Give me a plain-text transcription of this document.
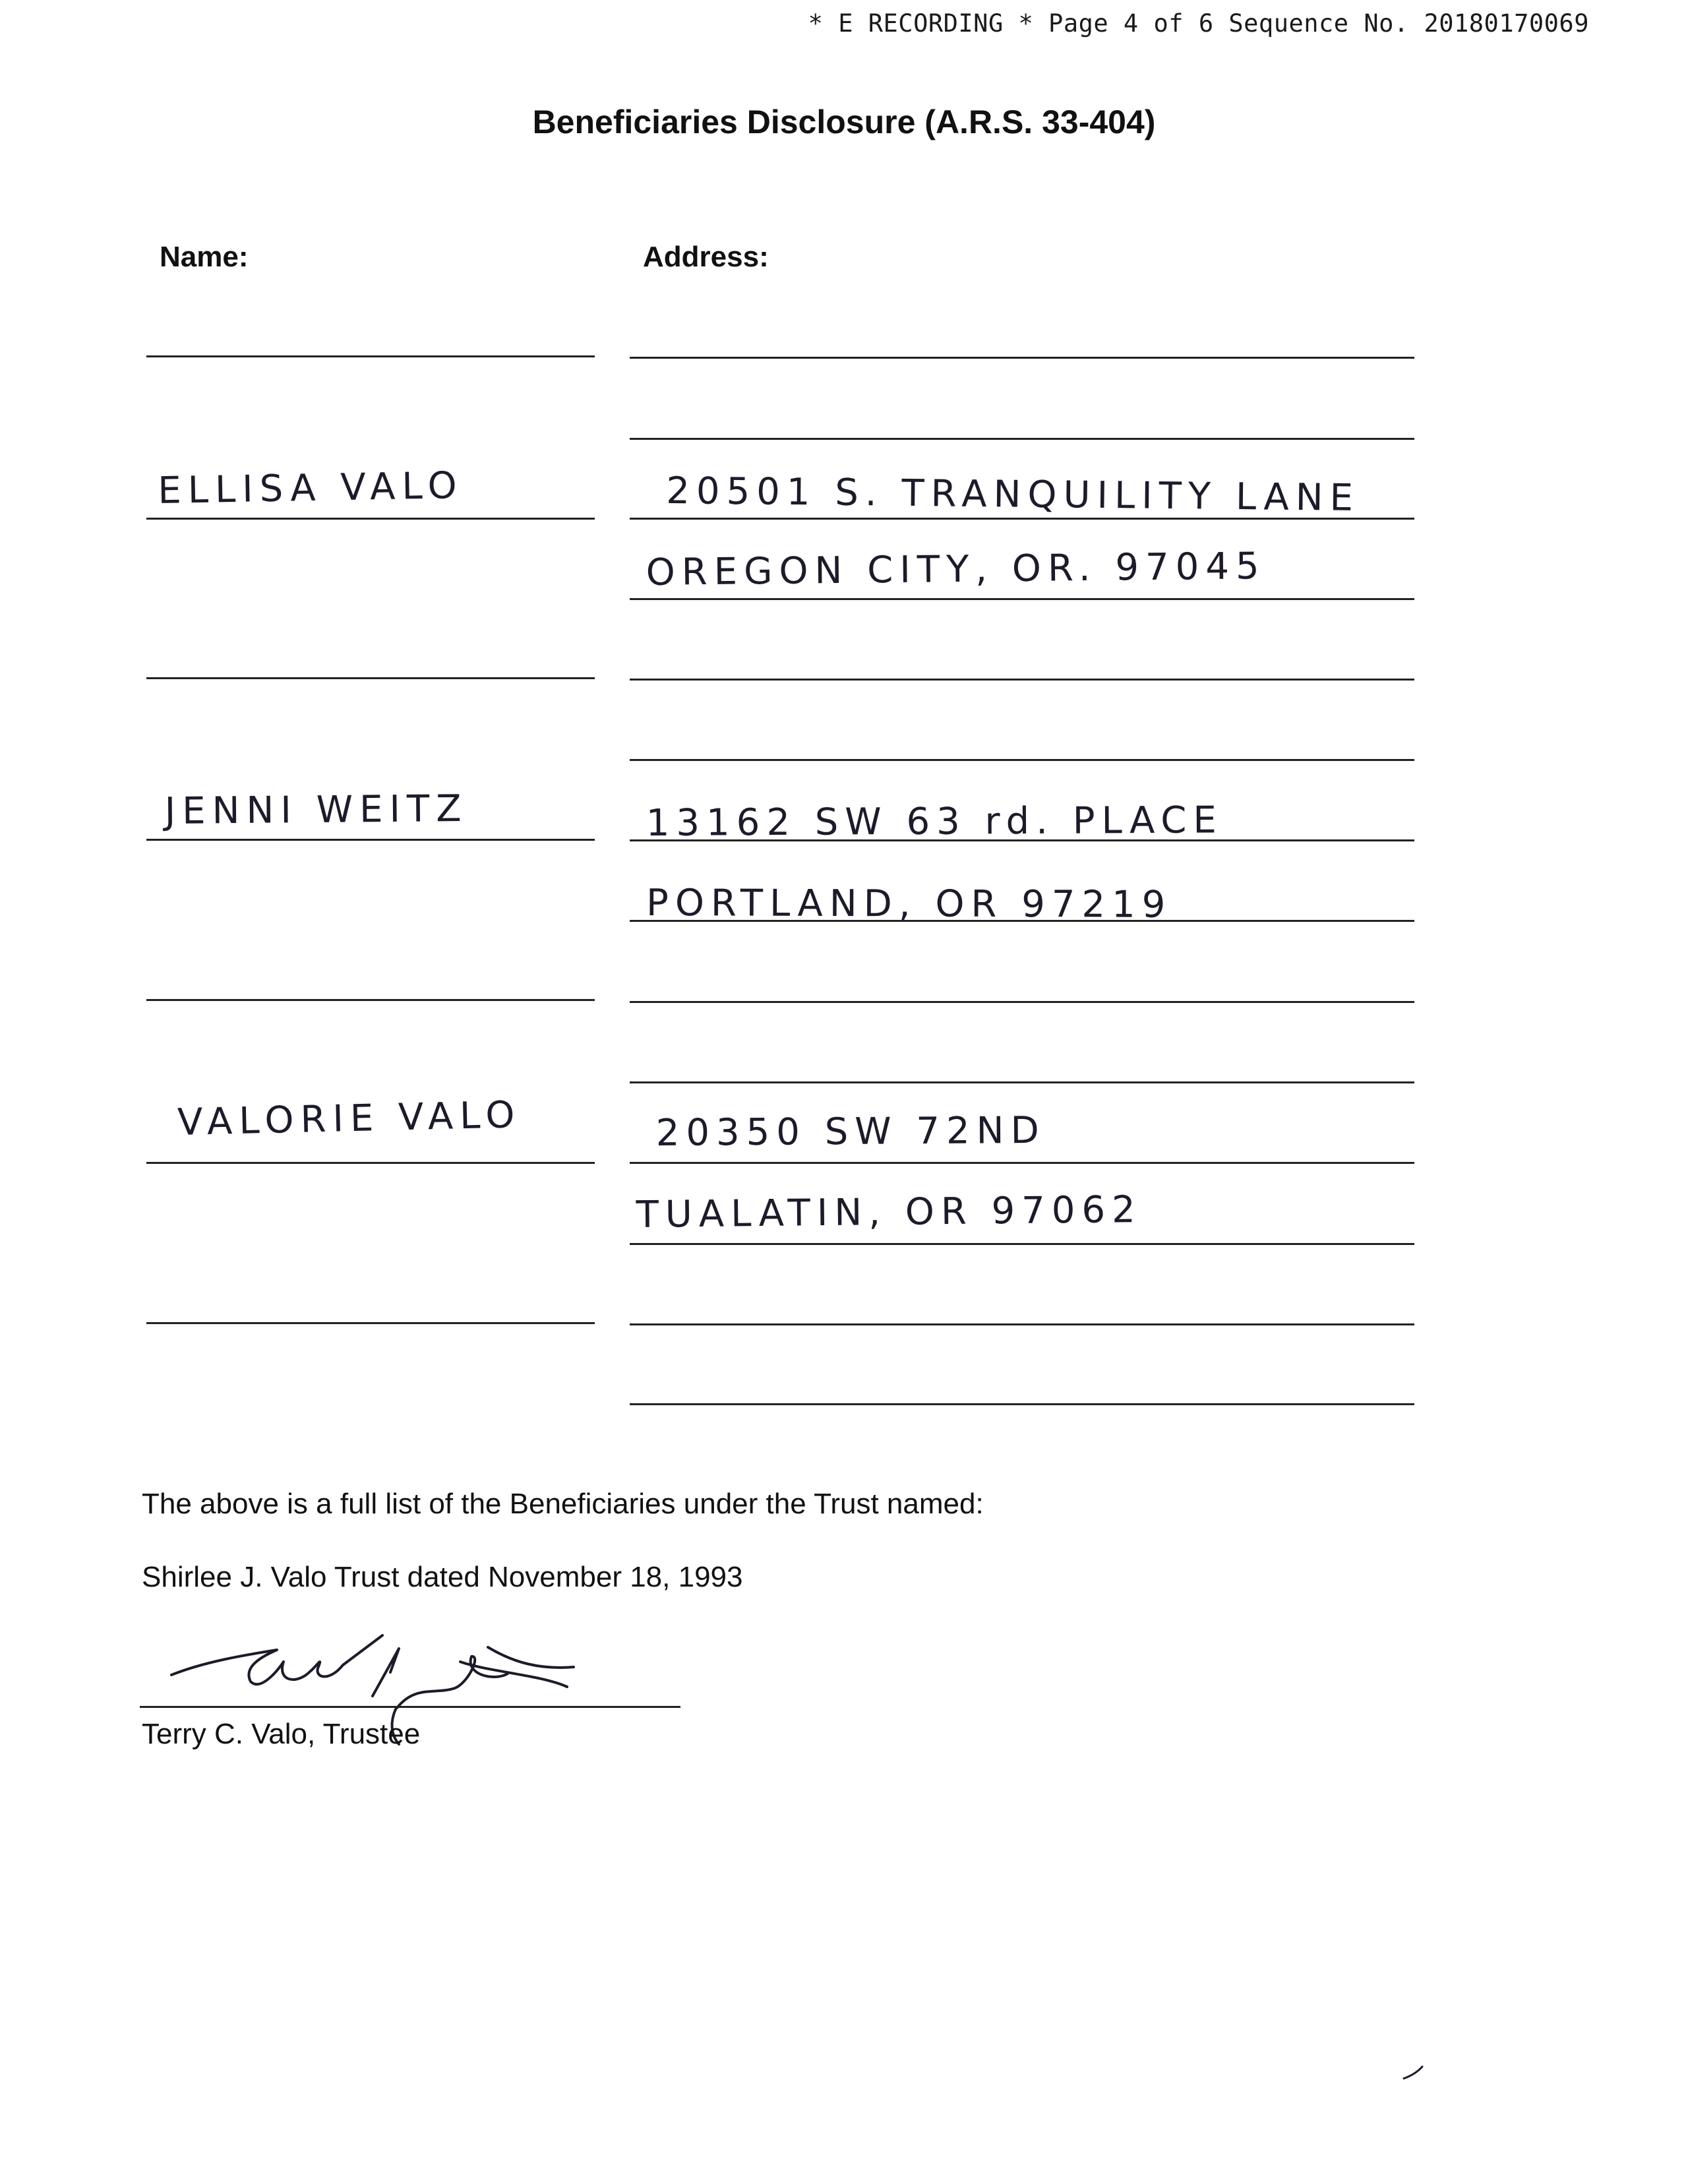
* E RECORDING * Page 4 of 6 Sequence No. 20180170069
Beneficiaries Disclosure (A.R.S. 33-404)
Name:	Address:
ELLISA VALO	20501 S. TRANQUILITY LANE
OREGON CITY, OR. 97045
JENNI WEITZ	13162 SW 63 rd. PLACE
PORTLAND, OR 97219
VALORIE VALO	20350 SW 72ND
TUALATIN, OR 97062
The above is a full list of the Beneficiaries under the Trust named:
Shirlee J. Valo Trust dated November 18, 1993
Terry C. Valo, Trustee
